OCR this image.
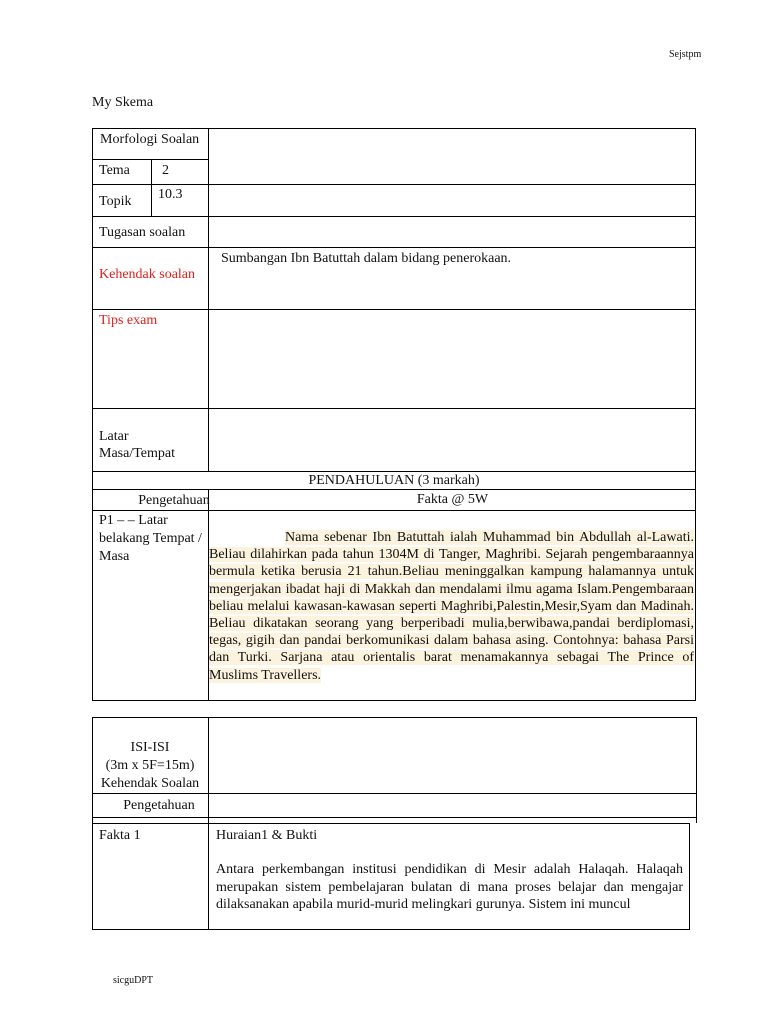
Sejstpm
My Skema
sicguDPT
Morfologi Soalan
Tema 2
Topik 10.3
Tugasan soalan
Kehendak soalan
Sumbangan Ibn Batuttah dalam bidang penerokaan.
Tips exam
Latar
Masa/Tempat
PENDAHULUAN (3 markah)
Pengetahuan	Fakta @ 5W
P1 – – Latar belakang Tempat / Masa
Nama sebenar Ibn Batuttah ialah Muhammad bin Abdullah al-Lawati. Beliau dilahirkan pada tahun 1304M di Tanger, Maghribi. Sejarah pengembaraannya bermula ketika berusia 21 tahun.Beliau meninggalkan kampung halamannya untuk mengerjakan ibadat haji di Makkah dan mendalami ilmu agama Islam.Pengembaraan beliau melalui kawasan-kawasan seperti Maghribi,Palestin,Mesir,Syam dan Madinah. Beliau dikatakan seorang yang berperibadi mulia,berwibawa,pandai berdiplomasi, tegas, gigih dan pandai berkomunikasi dalam bahasa asing. Contohnya: bahasa Parsi dan Turki. Sarjana atau orientalis barat menamakannya sebagai The Prince of Muslims Travellers.
ISI-ISI
(3m x 5F=15m)
Kehendak Soalan
Pengetahuan
Fakta 1	Huraian1 & Bukti
Antara perkembangan institusi pendidikan di Mesir adalah Halaqah. Halaqah merupakan sistem pembelajaran bulatan di mana proses belajar dan mengajar dilaksanakan apabila murid-murid melingkari gurunya. Sistem ini muncul
